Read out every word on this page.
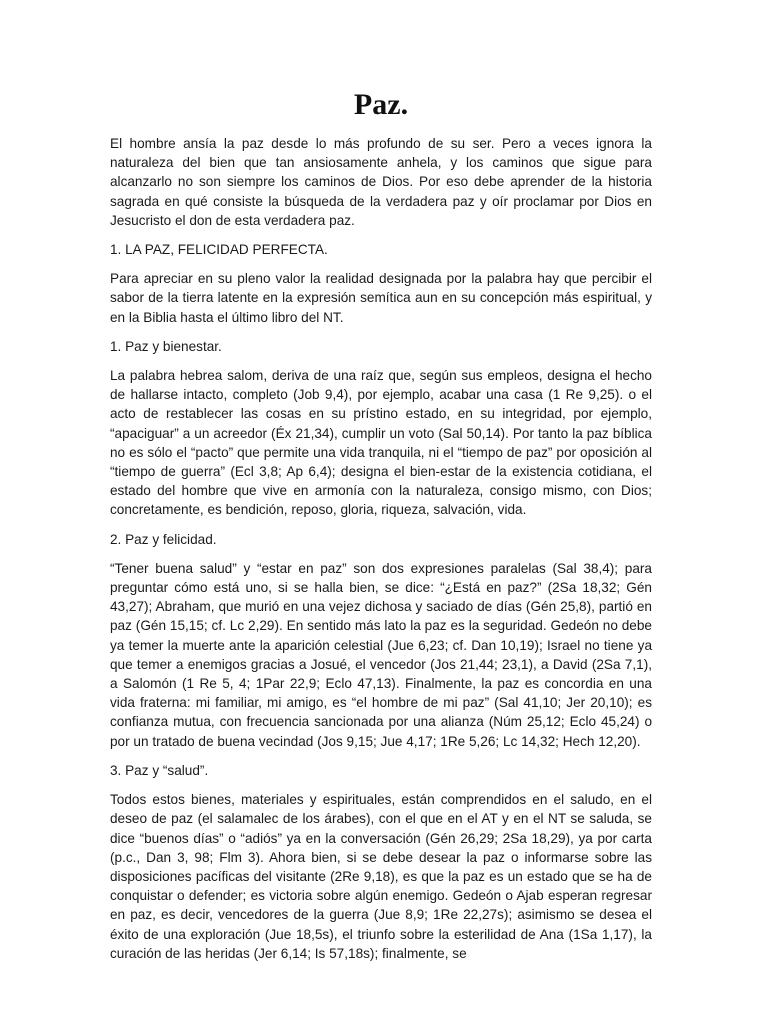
Paz.

El hombre ansía la paz desde lo más profundo de su ser. Pero a veces ignora la naturaleza del bien que tan ansiosamente anhela, y los caminos que sigue para alcanzarlo no son siempre los caminos de Dios. Por eso debe aprender de la historia sagrada en qué consiste la búsqueda de la verdadera paz y oír proclamar por Dios en Jesucristo el don de esta verdadera paz.

1. LA PAZ, FELICIDAD PERFECTA.

Para apreciar en su pleno valor la realidad designada por la palabra hay que percibir el sabor de la tierra latente en la expresión semítica aun en su concepción más espiritual, y en la Biblia hasta el último libro del NT.

1. Paz y bienestar.

La palabra hebrea salom, deriva de una raíz que, según sus empleos, designa el hecho de hallarse intacto, completo (Job 9,4), por ejemplo, acabar una casa (1 Re 9,25). o el acto de restablecer las cosas en su prístino estado, en su integridad, por ejemplo, “apaciguar” a un acreedor (Éx 21,34), cumplir un voto (Sal 50,14). Por tanto la paz bíblica no es sólo el “pacto” que permite una vida tranquila, ni el “tiempo de paz” por oposición al “tiempo de guerra” (Ecl 3,8; Ap 6,4); designa el bien-estar de la existencia cotidiana, el estado del hombre que vive en armonía con la naturaleza, consigo mismo, con Dios; concretamente, es bendición, reposo, gloria, riqueza, salvación, vida.

2. Paz y felicidad.

“Tener buena salud” y “estar en paz” son dos expresiones paralelas (Sal 38,4); para preguntar cómo está uno, si se halla bien, se dice: “¿Está en paz?” (2Sa 18,32; Gén 43,27); Abraham, que murió en una vejez dichosa y saciado de días (Gén 25,8), partió en paz (Gén 15,15; cf. Lc 2,29). En sentido más lato la paz es la seguridad. Gedeón no debe ya temer la muerte ante la aparición celestial (Jue 6,23; cf. Dan 10,19); Israel no tiene ya que temer a enemigos gracias a Josué, el vencedor (Jos 21,44; 23,1), a David (2Sa 7,1), a Salomón (1 Re 5, 4; 1Par 22,9; Eclo 47,13). Finalmente, la paz es concordia en una vida fraterna: mi familiar, mi amigo, es “el hombre de mi paz” (Sal 41,10; Jer 20,10); es confianza mutua, con frecuencia sancionada por una alianza (Núm 25,12; Eclo 45,24) o por un tratado de buena vecindad (Jos 9,15; Jue 4,17; 1Re 5,26; Lc 14,32; Hech 12,20).

3. Paz y “salud”.

Todos estos bienes, materiales y espirituales, están comprendidos en el saludo, en el deseo de paz (el salamalec de los árabes), con el que en el AT y en el NT se saluda, se dice “buenos días” o “adiós” ya en la conversación (Gén 26,29; 2Sa 18,29), ya por carta (p.c., Dan 3, 98; Flm 3). Ahora bien, si se debe desear la paz o informarse sobre las disposiciones pacíficas del visitante (2Re 9,18), es que la paz es un estado que se ha de conquistar o defender; es victoria sobre algún enemigo. Gedeón o Ajab esperan regresar en paz, es decir, vencedores de la guerra (Jue 8,9; 1Re 22,27s); asimismo se desea el éxito de una exploración (Jue 18,5s), el triunfo sobre la esterilidad de Ana (1Sa 1,17), la curación de las heridas (Jer 6,14; Is 57,18s); finalmente, se
